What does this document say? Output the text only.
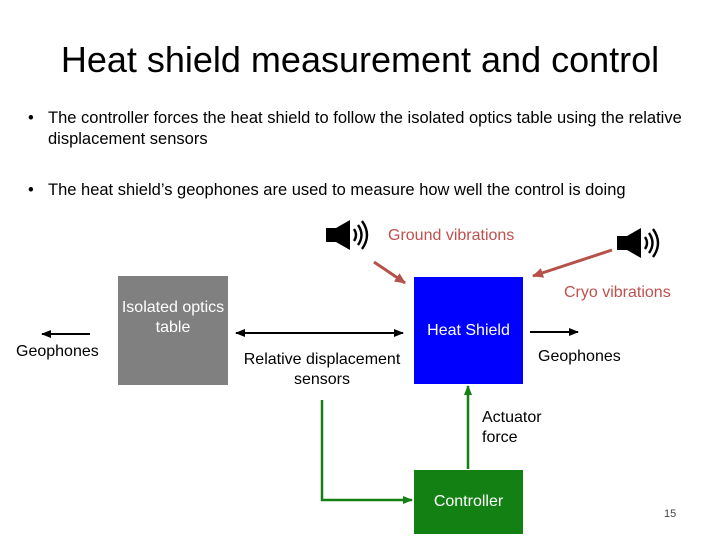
Heat shield measurement and control
• The controller forces the heat shield to follow the isolated optics table using the relative displacement sensors
• The heat shield’s geophones are used to measure how well the control is doing
Isolated optics table	Heat Shield
Controller
Ground vibrations
Cryo vibrations
Geophones	Geophones
Relative displacement sensors
Actuator force
15
